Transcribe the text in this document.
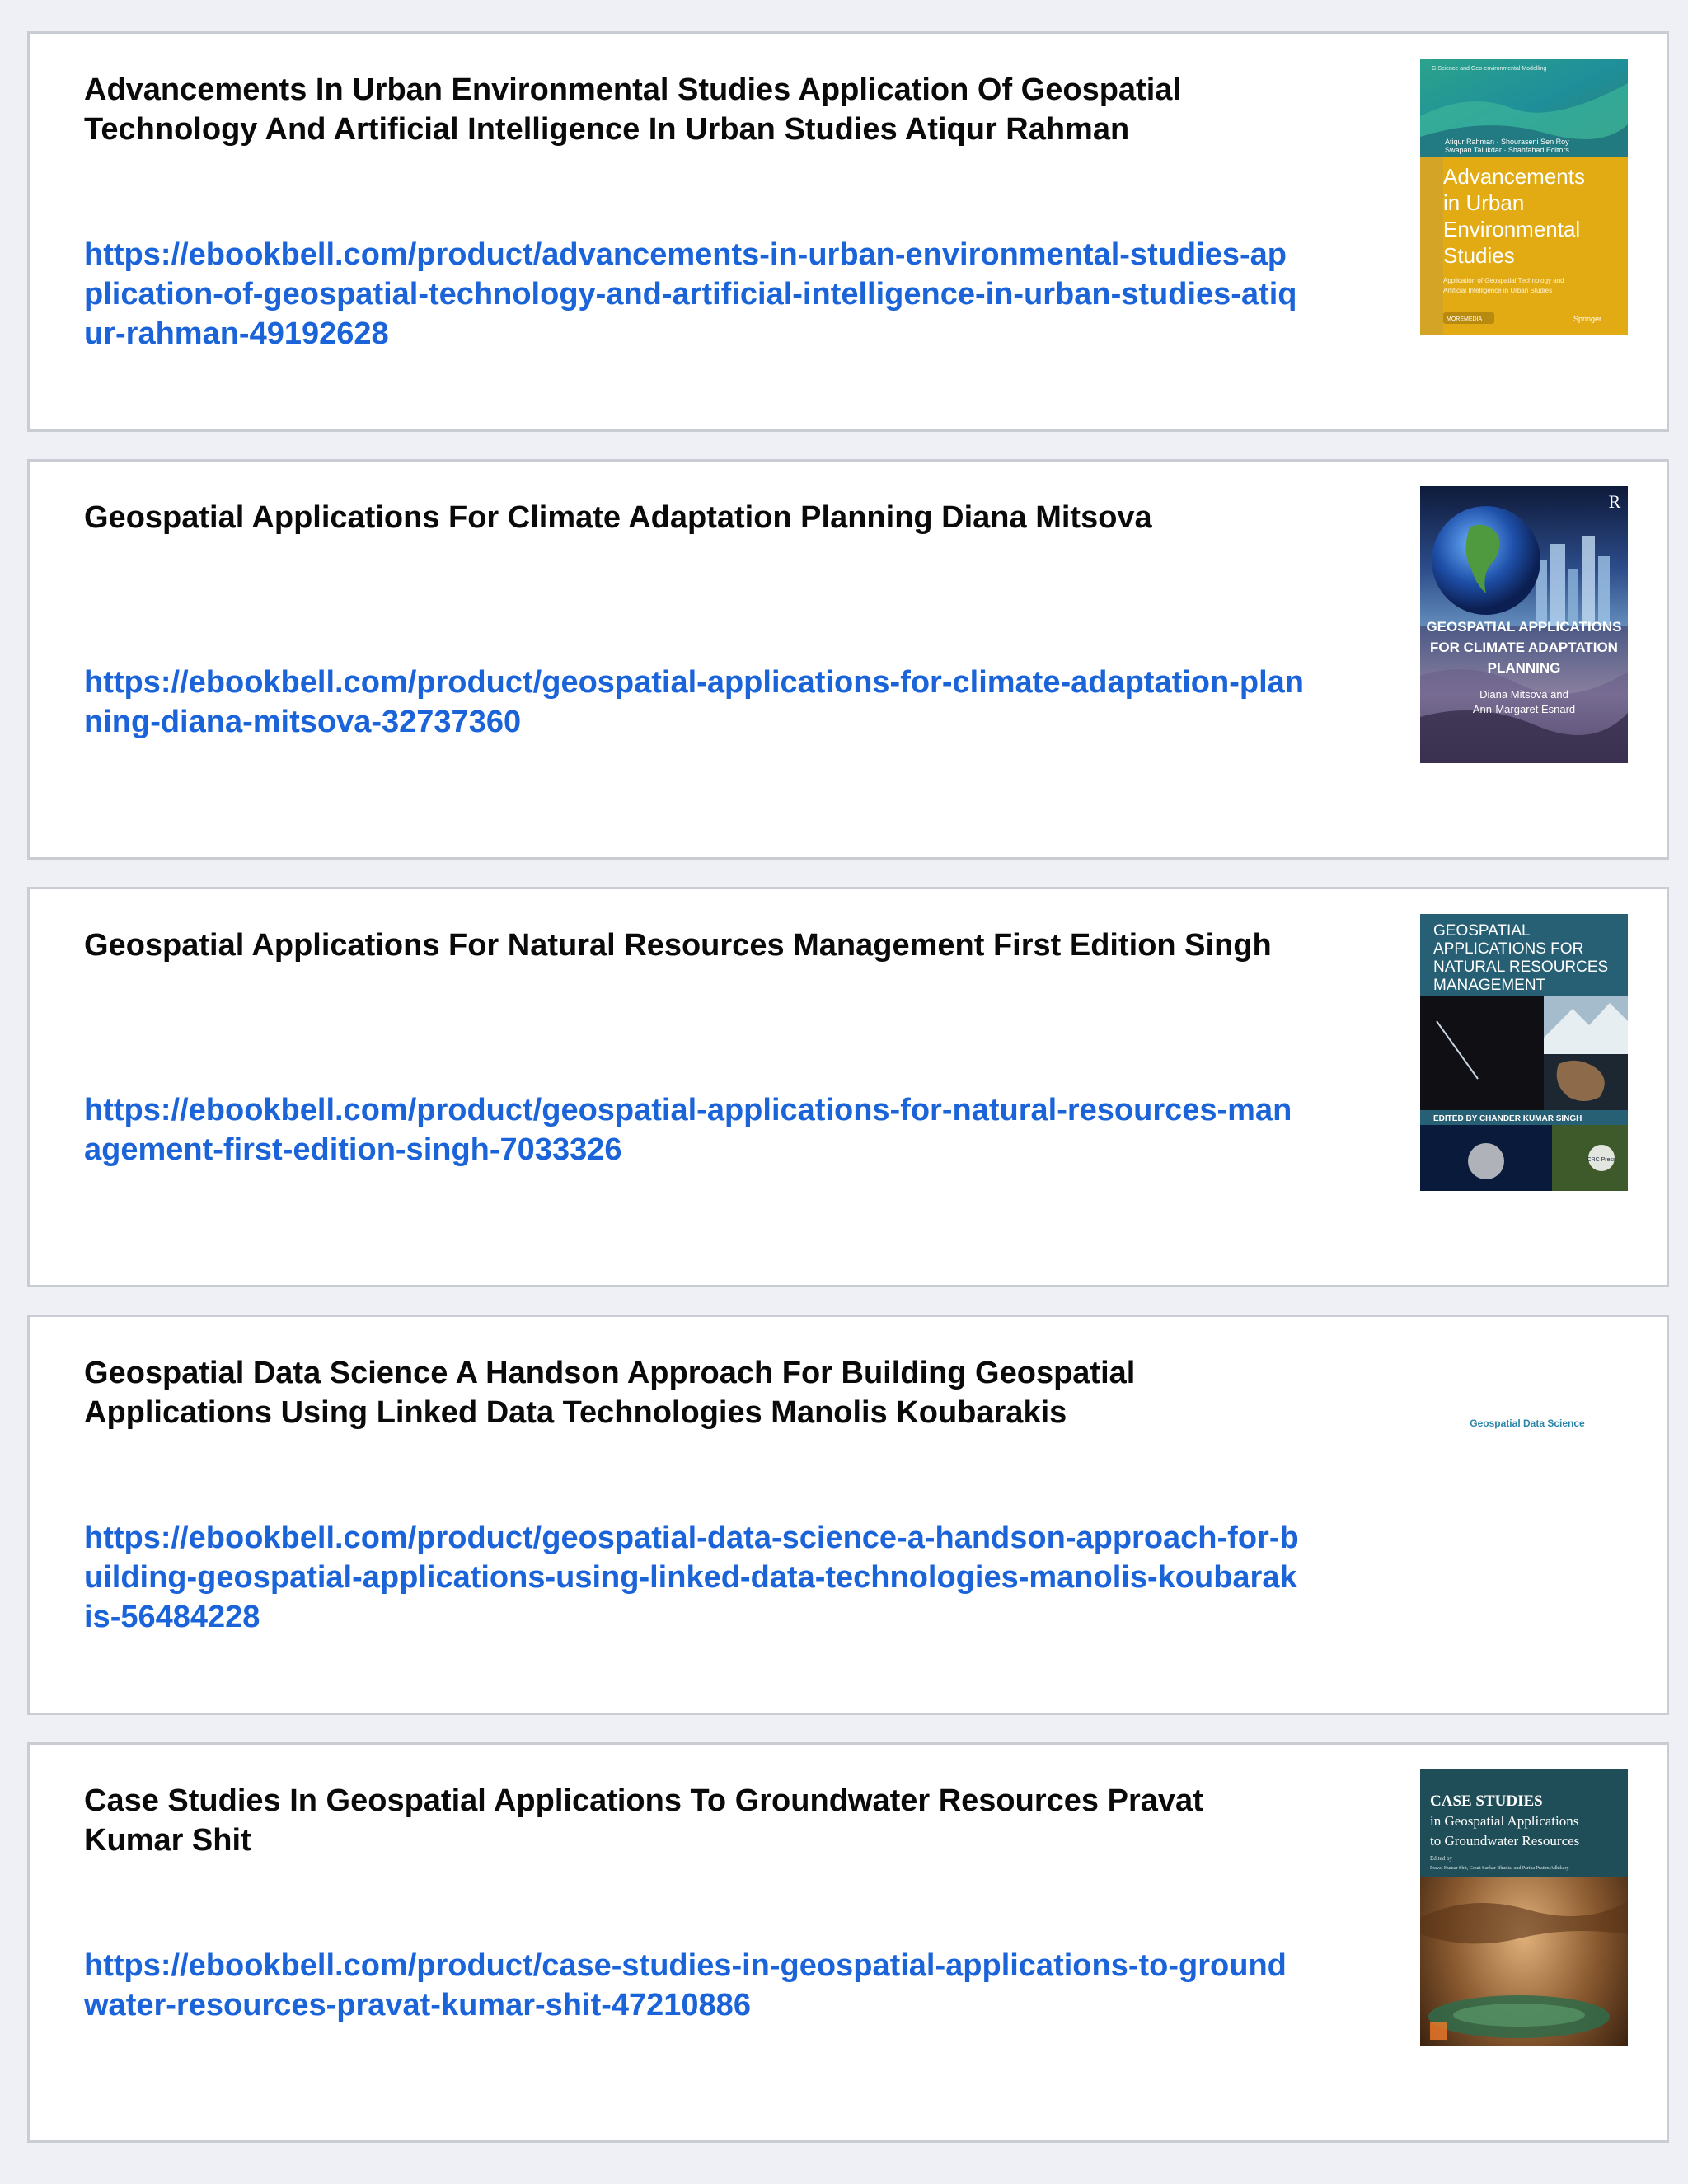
Advancements In Urban Environmental Studies Application Of Geospatial Technology And Artificial Intelligence In Urban Studies Atiqur Rahman
https://ebookbell.com/product/advancements-in-urban-environmental-studies-application-of-geospatial-technology-and-artificial-intelligence-in-urban-studies-atiqur-rahman-49192628
GIScience and Geo-environmental Modelling
Atiqur Rahman · Shouraseni Sen Roy
Swapan Talukdar · Shahfahad Editors
Advancements
in Urban
Environmental
Studies
Application of Geospatial Technology and
Artificial Intelligence in Urban Studies
MOREMEDIA	Springer
Geospatial Applications For Climate Adaptation Planning Diana Mitsova
https://ebookbell.com/product/geospatial-applications-for-climate-adaptation-planning-diana-mitsova-32737360
R
GEOSPATIAL APPLICATIONS
FOR CLIMATE ADAPTATION
PLANNING
Diana Mitsova and
Ann-Margaret Esnard
Geospatial Applications For Natural Resources Management First Edition Singh
https://ebookbell.com/product/geospatial-applications-for-natural-resources-management-first-edition-singh-7033326
GEOSPATIAL
APPLICATIONS FOR
NATURAL RESOURCES
MANAGEMENT
EDITED BY CHANDER KUMAR SINGH
CRC Press
Geospatial Data Science A Handson Approach For Building Geospatial Applications Using Linked Data Technologies Manolis Koubarakis
https://ebookbell.com/product/geospatial-data-science-a-handson-approach-for-building-geospatial-applications-using-linked-data-technologies-manolis-koubarakis-56484228
Geospatial Data Science
Case Studies In Geospatial Applications To Groundwater Resources Pravat Kumar Shit
https://ebookbell.com/product/case-studies-in-geospatial-applications-to-groundwater-resources-pravat-kumar-shit-47210886
CASE STUDIES
in Geospatial Applications
to Groundwater Resources
Edited by
Pravat Kumar Shit, Gouri Sankar Bhunia, and Partha Pratim Adhikary
